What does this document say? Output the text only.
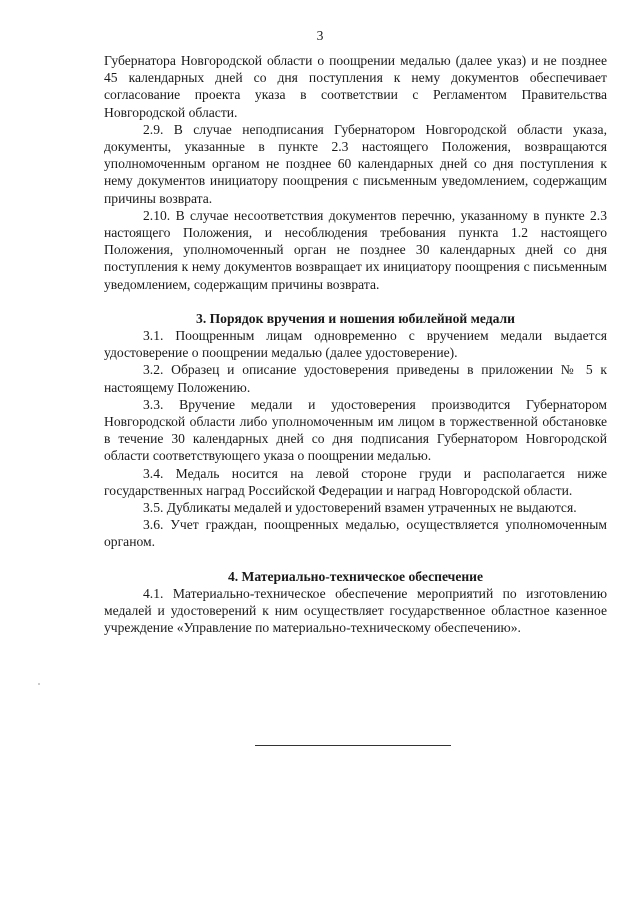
3

Губернатора Новгородской области о поощрении медалью (далее указ) и не позднее 45 календарных дней со дня поступления к нему документов обеспечивает согласование проекта указа в соответствии с Регламентом Правительства Новгородской области.

2.9. В случае неподписания Губернатором Новгородской области указа, документы, указанные в пункте 2.3 настоящего Положения, возвращаются уполномоченным органом не позднее 60 календарных дней со дня поступления к нему документов инициатору поощрения с письменным уведомлением, содержащим причины возврата.

2.10. В случае несоответствия документов перечню, указанному в пункте 2.3 настоящего Положения, и несоблюдения требования пункта 1.2 настоящего Положения, уполномоченный орган не позднее 30 календарных дней со дня поступления к нему документов возвращает их инициатору поощрения с письменным уведомлением, содержащим причины возврата.

3. Порядок вручения и ношения юбилейной медали

3.1. Поощренным лицам одновременно с вручением медали выдается удостоверение о поощрении медалью (далее удостоверение).

3.2. Образец и описание удостоверения приведены в приложении № 5 к настоящему Положению.

3.3. Вручение медали и удостоверения производится Губернатором Новгородской области либо уполномоченным им лицом в торжественной обстановке в течение 30 календарных дней со дня подписания Губернатором Новгородской области соответствующего указа о поощрении медалью.

3.4. Медаль носится на левой стороне груди и располагается ниже государственных наград Российской Федерации и наград Новгородской области.

3.5. Дубликаты медалей и удостоверений взамен утраченных не выдаются.

3.6. Учет граждан, поощренных медалью, осуществляется уполномоченным органом.

4. Материально-техническое обеспечение

4.1. Материально-техническое обеспечение мероприятий по изготовлению медалей и удостоверений к ним осуществляет государственное областное казенное учреждение «Управление по материально-техническому обеспечению».
